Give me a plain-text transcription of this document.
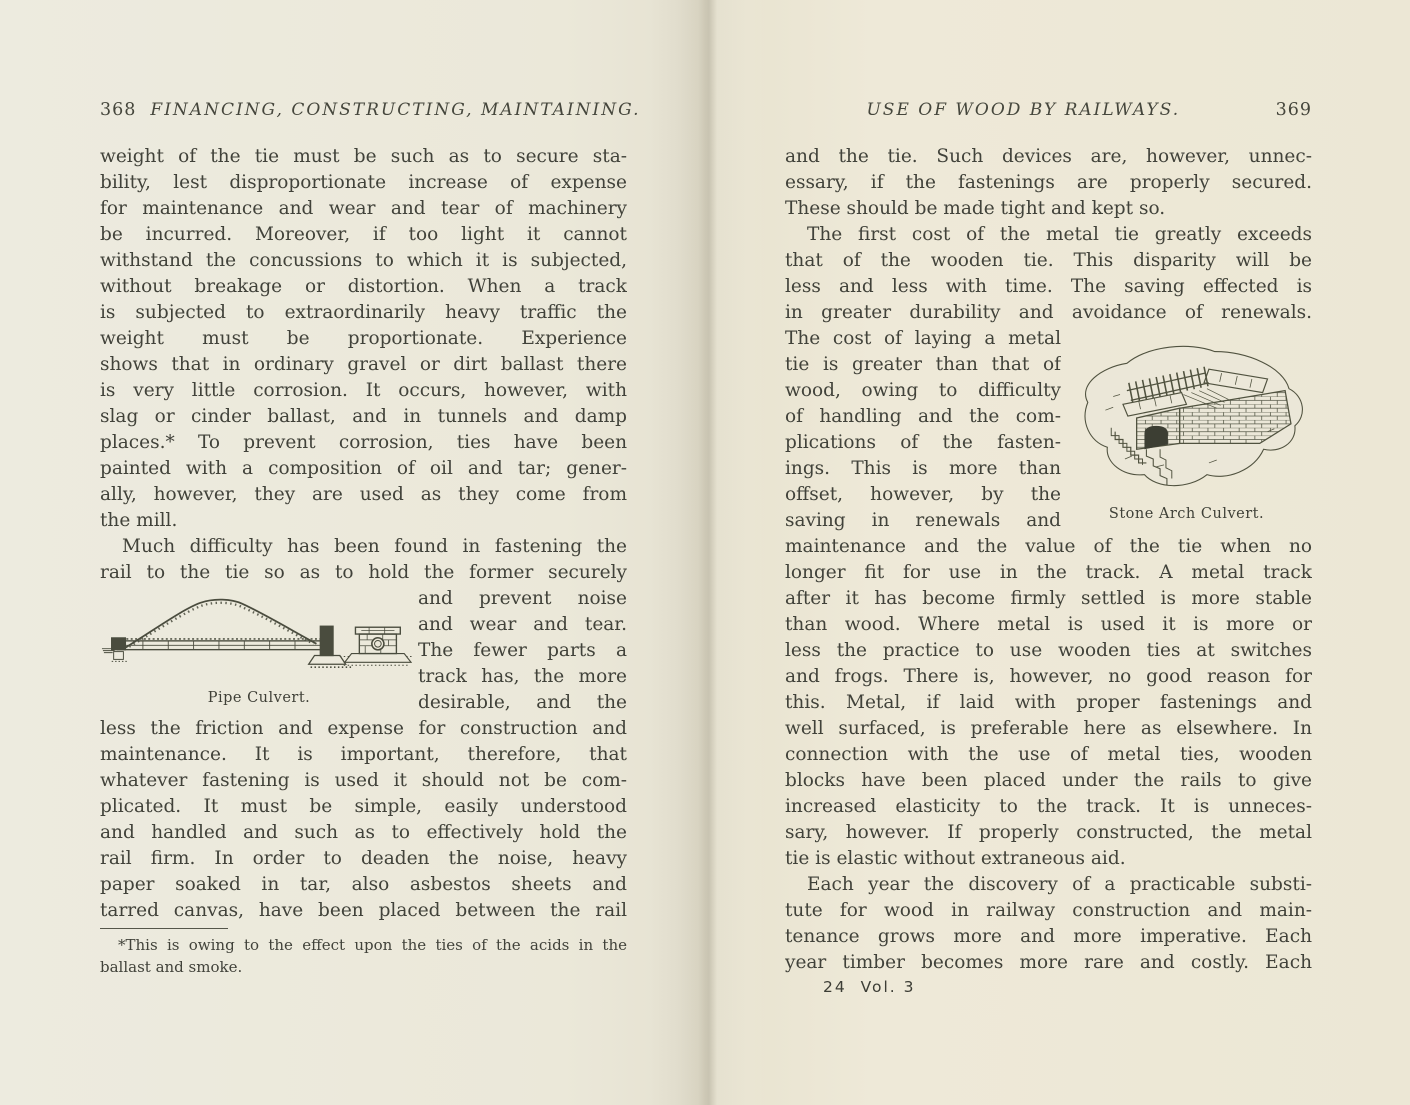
368 FINANCING, CONSTRUCTING, MAINTAINING.
weight of the tie must be such as to secure sta-
bility, lest disproportionate increase of expense
for maintenance and wear and tear of machinery
be incurred. Moreover, if too light it cannot
withstand the concussions to which it is subjected,
without breakage or distortion. When a track
is subjected to extraordinarily heavy traffic the
weight must be proportionate. Experience
shows that in ordinary gravel or dirt ballast there
is very little corrosion. It occurs, however, with
slag or cinder ballast, and in tunnels and damp
places.* To prevent corrosion, ties have been
painted with a composition of oil and tar; gener-
ally, however, they are used as they come from
the mill.
Much difficulty has been found in fastening the
rail to the tie so as to hold the former securely
Pipe Culvert.
and prevent noise
and wear and tear.
The fewer parts a
track has, the more
desirable, and the
less the friction and expense for construction and
maintenance. It is important, therefore, that
whatever fastening is used it should not be com-
plicated. It must be simple, easily understood
and handled and such as to effectively hold the
rail firm. In order to deaden the noise, heavy
paper soaked in tar, also asbestos sheets and
tarred canvas, have been placed between the rail
*This is owing to the effect upon the ties of the acids in the
ballast and smoke.
USE OF WOOD BY RAILWAYS.	369
and the tie. Such devices are, however, unnec-
essary, if the fastenings are properly secured.
These should be made tight and kept so.
The first cost of the metal tie greatly exceeds
that of the wooden tie. This disparity will be
less and less with time. The saving effected is
in greater durability and avoidance of renewals.
The cost of laying a metal
tie is greater than that of
wood, owing to difficulty
of handling and the com-
plications of the fasten-
ings. This is more than
offset, however, by the
saving in renewals and	Stone Arch Culvert.
maintenance and the value of the tie when no
longer fit for use in the track. A metal track
after it has become firmly settled is more stable
than wood. Where metal is used it is more or
less the practice to use wooden ties at switches
and frogs. There is, however, no good reason for
this. Metal, if laid with proper fastenings and
well surfaced, is preferable here as elsewhere. In
connection with the use of metal ties, wooden
blocks have been placed under the rails to give
increased elasticity to the track. It is unneces-
sary, however. If properly constructed, the metal
tie is elastic without extraneous aid.
Each year the discovery of a practicable substi-
tute for wood in railway construction and main-
tenance grows more and more imperative. Each
year timber becomes more rare and costly. Each
24  Vol. 3
